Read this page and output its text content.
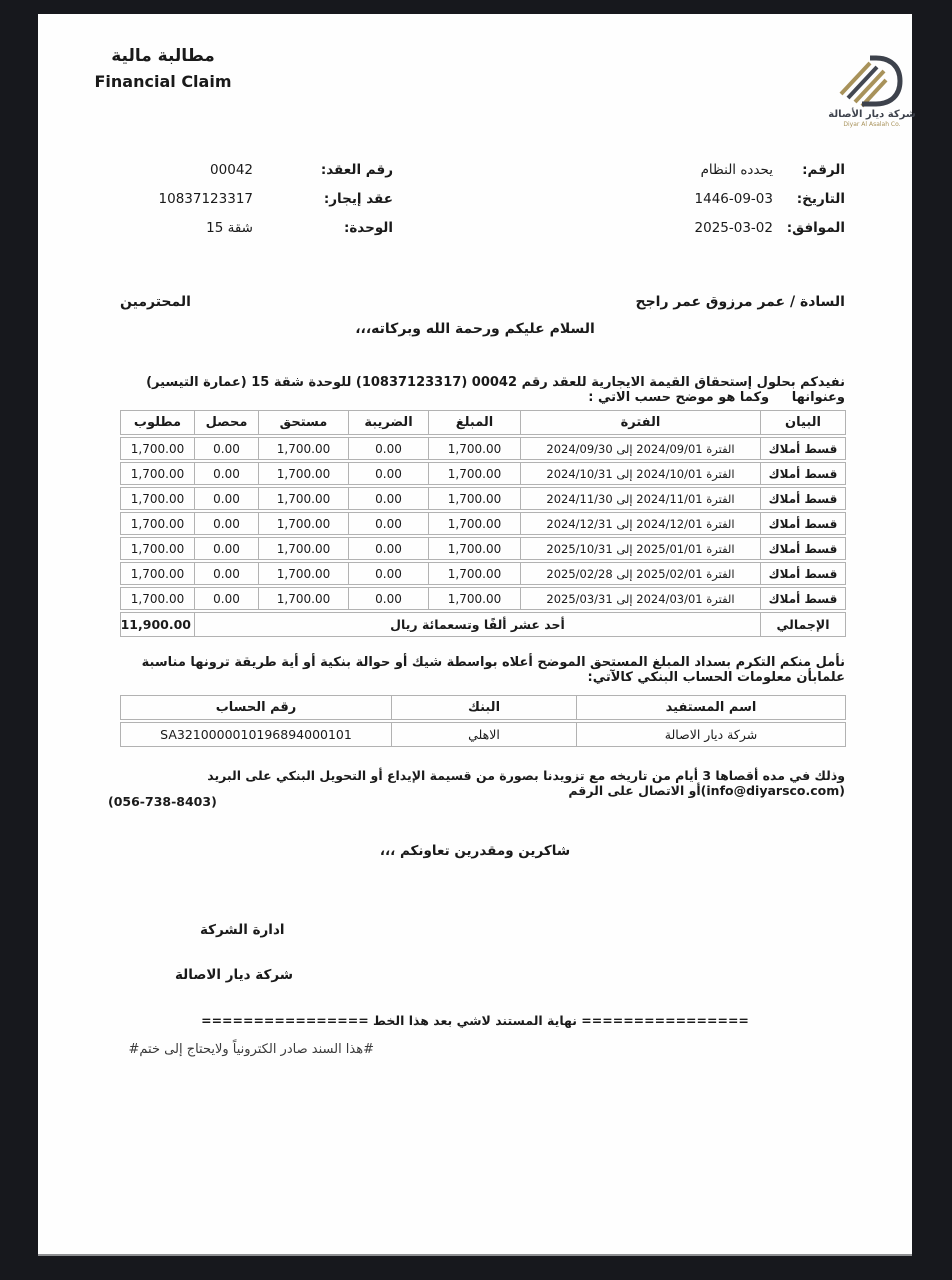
مطالبة مالية
Financial Claim
شركة ديار الأصالة
Diyar Al Asalah Co.
الرقم:
يحدده النظام
التاريخ:
1446-09-03
الموافق:
2025-03-02
رقم العقد:
00042
عقد إيجار:
10837123317
الوحدة:
شقة 15
السادة / عمر مرزوق عمر راجح
المحترمين
السلام عليكم ورحمة الله وبركاته،،،
نفيدكم بحلول إستحقاق القيمة الايجارية للعقد رقم 00042 (10837123317) للوحدة شقة 15 (عمارة التيسير) وعنوانها     وكما هو موضح حسب الاتي :
البيان	الفترة	المبلغ	الضريبة	مستحق	محصل	مطلوب
قسط أملاك	الفترة 2024/09/01 إلى 2024/09/30	1,700.00	0.00	1,700.00	0.00	1,700.00
قسط أملاك	الفترة 2024/10/01 إلى 2024/10/31	1,700.00	0.00	1,700.00	0.00	1,700.00
قسط أملاك	الفترة 2024/11/01 إلى 2024/11/30	1,700.00	0.00	1,700.00	0.00	1,700.00
قسط أملاك	الفترة 2024/12/01 إلى 2024/12/31	1,700.00	0.00	1,700.00	0.00	1,700.00
قسط أملاك	الفترة 2025/01/01 إلى 2025/10/31	1,700.00	0.00	1,700.00	0.00	1,700.00
قسط أملاك	الفترة 2025/02/01 إلى 2025/02/28	1,700.00	0.00	1,700.00	0.00	1,700.00
قسط أملاك	الفترة 2024/03/01 إلى 2025/03/31	1,700.00	0.00	1,700.00	0.00	1,700.00
الإجمالي	أحد عشر ألفًا وتسعمائة ريال					11,900.00
نأمل منكم التكرم بسداد المبلغ المستحق الموضح أعلاه بواسطة شيك أو حوالة بنكية أو أية طريقة ترونها مناسبة علمابأن معلومات الحساب البنكي كالآتي:
اسم المستفيد	البنك	رقم الحساب
شركة ديار الاصالة	الاهلي	SA3210000010196894000101
وذلك في مده أقصاها 3 أيام من تاريخه مع تزويدنا بصورة من قسيمة الإيداع أو التحويل البنكي على البريد (info@diyarsco.com)أو الاتصال على الرقم
(056-738-8403)
شاكرين ومقدرين تعاونكم ،،،
ادارة الشركة
شركة ديار الاصالة
================ نهاية المستند لاشي بعد هذا الخط ================
#هذا السند صادر الكترونياً ولايحتاج إلى ختم#
